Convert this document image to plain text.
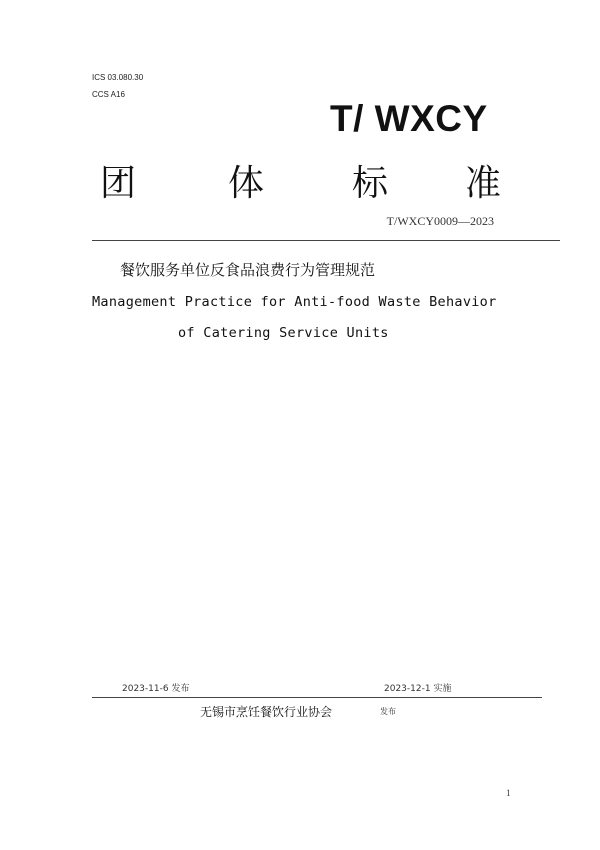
ICS 03.080.30
CCS A16
T/ WXCY
团	体 标 准
T/WXCY0009—2023
餐饮服务单位反食品浪费行为管理规范
Management Practice for Anti-food Waste Behavior
of Catering Service Units
2023-11-6 发布	2023-12-1 实施
无锡市烹饪餐饮行业协会	发布
1
